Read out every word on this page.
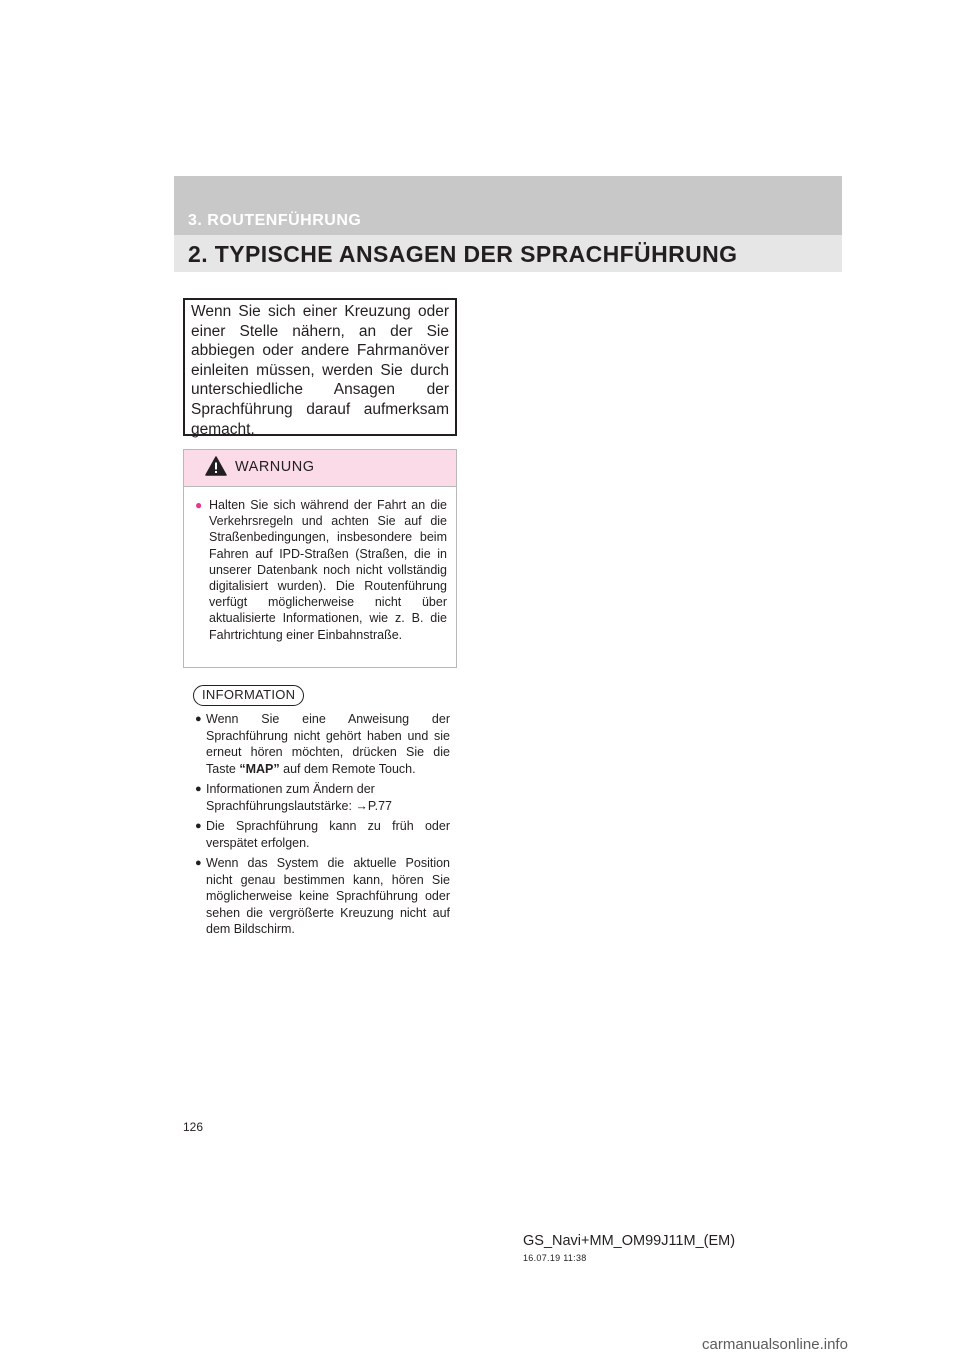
3. ROUTENFÜHRUNG
2. TYPISCHE ANSAGEN DER SPRACHFÜHRUNG
Wenn Sie sich einer Kreuzung oder einer Stelle nähern, an der Sie abbiegen oder andere Fahrmanöver einleiten müssen, werden Sie durch unterschiedliche Ansagen der Sprachführung darauf aufmerksam gemacht.
WARNUNG
● Halten Sie sich während der Fahrt an die Verkehrsregeln und achten Sie auf die Straßenbedingungen, insbesondere beim Fahren auf IPD-Straßen (Straßen, die in unserer Datenbank noch nicht vollständig digitalisiert wurden). Die Routenführung verfügt möglicherweise nicht über aktualisierte Informationen, wie z. B. die Fahrtrichtung einer Einbahnstraße.
INFORMATION
● Wenn Sie eine Anweisung der Sprachführung nicht gehört haben und sie erneut hören möchten, drücken Sie die Taste “MAP” auf dem Remote Touch.
● Informationen zum Ändern der Sprachführungslautstärke: →P.77
● Die Sprachführung kann zu früh oder verspätet erfolgen.
● Wenn das System die aktuelle Position nicht genau bestimmen kann, hören Sie möglicherweise keine Sprachführung oder sehen die vergrößerte Kreuzung nicht auf dem Bildschirm.
126
GS_Navi+MM_OM99J11M_(EM)
16.07.19 11:38
carmanualsonline.info
